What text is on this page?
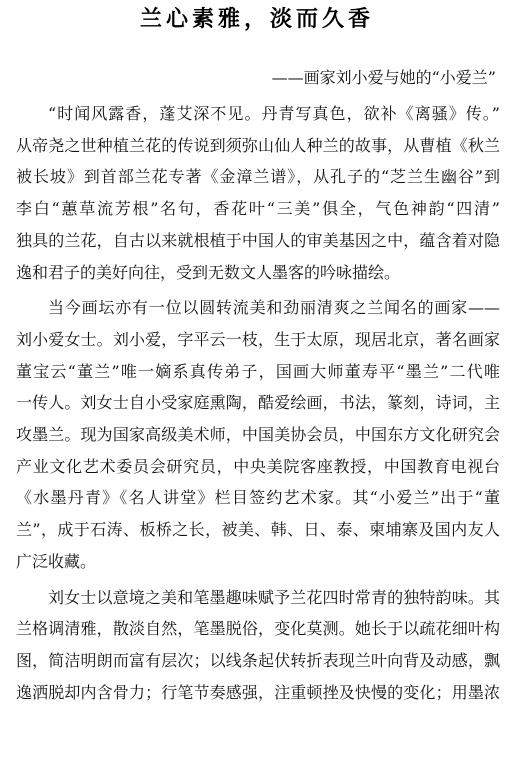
兰心素雅，淡而久香
——画家刘小爱与她的“小爱兰”

“时闻风露香，蓬艾深不见。丹青写真色，欲补《离骚》传。”
从帝尧之世种植兰花的传说到须弥山仙人种兰的故事，从曹植《秋兰
被长坡》到首部兰花专著《金漳兰谱》，从孔子的“芝兰生幽谷”到
李白“蕙草流芳根”名句，香花叶“三美”俱全，气色神韵“四清”
独具的兰花，自古以来就根植于中国人的审美基因之中，蕴含着对隐
逸和君子的美好向往，受到无数文人墨客的吟咏描绘。

当今画坛亦有一位以圆转流美和劲丽清爽之兰闻名的画家——
刘小爱女士。刘小爱，字平云一枝，生于太原，现居北京，著名画家
董宝云“董兰”唯一嫡系真传弟子，国画大师董寿平“墨兰”二代唯
一传人。刘女士自小受家庭熏陶，酷爱绘画，书法，篆刻，诗词，主
攻墨兰。现为国家高级美术师，中国美协会员，中国东方文化研究会
产业文化艺术委员会研究员，中央美院客座教授，中国教育电视台
《水墨丹青》《名人讲堂》栏目签约艺术家。其“小爱兰”出于“董
兰”，成于石涛、板桥之长，被美、韩、日、泰、柬埔寨及国内友人
广泛收藏。

刘女士以意境之美和笔墨趣味赋予兰花四时常青的独特韵味。其
兰格调清雅，散淡自然，笔墨脱俗，变化莫测。她长于以疏花细叶构
图，简洁明朗而富有层次；以线条起伏转折表现兰叶向背及动感，飘
逸洒脱却内含骨力；行笔节奏感强，注重顿挫及快慢的变化；用墨浓
